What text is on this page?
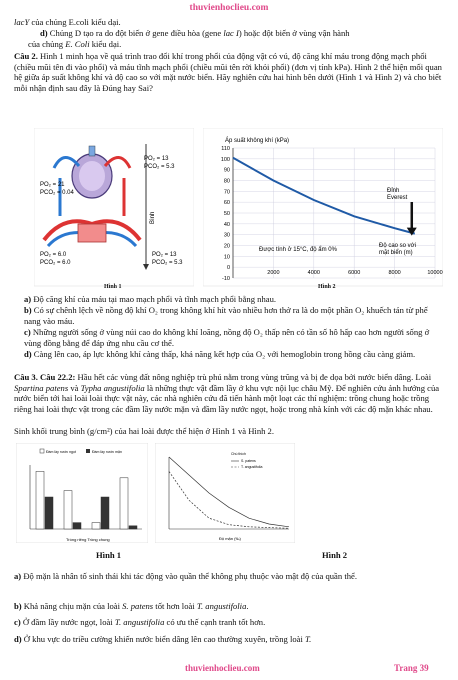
thuvienhoclieu.com
lacY của chủng E.coli kiểu dại.
d) Chủng D tạo ra do đột biến ở gene điều hòa (gene lac I) hoặc đột biến ở vùng vận hành
của chủng E. Coli kiểu dại.
Câu 2. Hình 1 minh họa về quá trình trao đổi khí trong phổi của động vật có vú, độ căng khí máu trong động mạch phổi (chiều mũi tên đi vào phổi) và máu tĩnh mạch phổi (chiều mũi tên rời khỏi phổi) (đơn vị tính kPa). Hình 2 thể hiện mối quan hệ giữa áp suất không khí và độ cao so với mặt nước biển. Hãy nghiên cứu hai hình bên dưới (Hình 1 và Hình 2) và cho biết mỗi nhận định sau đây là Đúng hay Sai?
PO₂ = 21
PCO₂ = 0.04
PO₂ = 13
PCO₂ = 5.3
PO₂ = 6.0
PCO₂ = 6.0
PO₂ = 13
PCO₂ = 5.3
Bình
Hình 1
Áp suất không khí (kPa)
Đỉnh
Everest
Được tính ở 15°C, độ ẩm 0%
Độ cao so với
mặt biển (m)
-10
0
10
20
30
40
50
60
70
80
90
100
110
2000	4000	6000	8000	10000
Hình 2
a) Độ căng khí của máu tại mao mạch phổi và tĩnh mạch phổi bằng nhau.
b) Có sự chênh lệch về nồng độ khí O₂ trong không khí hít vào nhiều hơn thở ra là do một phần O₂ khuếch tán từ phế nang vào máu.
c) Những người sống ở vùng núi cao do không khí loãng, nồng độ O₂ thấp nên có tần số hô hấp cao hơn người sống ở vùng đồng bằng để đáp ứng nhu cầu cơ thể.
d) Càng lên cao, áp lực không khí càng thấp, khả năng kết hợp của O₂ với hemoglobin trong hồng cầu càng giảm.
Câu 3. Câu 22.2: Hầu hết các vùng đất nông nghiệp trù phú nằm trong vùng trũng và bị đe dọa bởi nước biển dâng. Loài Spartina patens và Typha angustifolia là những thực vật đầm lầy ở khu vực nội lục châu Mỹ. Để nghiên cứu ảnh hưởng của nước biển tới hai loài loài thực vật này, các nhà nghiên cứu đã tiến hành một loạt các thí nghiệm: trồng chung hoặc trồng riêng hai loài thực vật trong các đầm lầy nước mặn và đầm lầy nước ngọt, hoặc trong nhà kính với các độ mặn khác nhau.
Sinh khối trung bình (g/cm²) của hai loài được thể hiện ở Hình 1 và Hình 2.
Đầm lầy nước ngọt	Đầm lầy nước mặn
Trồng riêng Trồng chung
Hình 1
Chú thích
S. patens
T. angustifolia
Độ mặn (‰)
Hình 2
a) Độ mặn là nhân tố sinh thái khi tác động vào quần thể không phụ thuộc vào mật độ của quần thể.
b) Khả năng chịu mặn của loài S. patens tốt hơn loài T. angustifolia.
c) Ở đầm lầy nước ngọt, loài T. angustifolia có ưu thế cạnh tranh tốt hơn.
d) Ở khu vực do triều cường khiến nước biển dâng lên cao thường xuyên, trồng loài T.
thuvienhoclieu.com	Trang 39
